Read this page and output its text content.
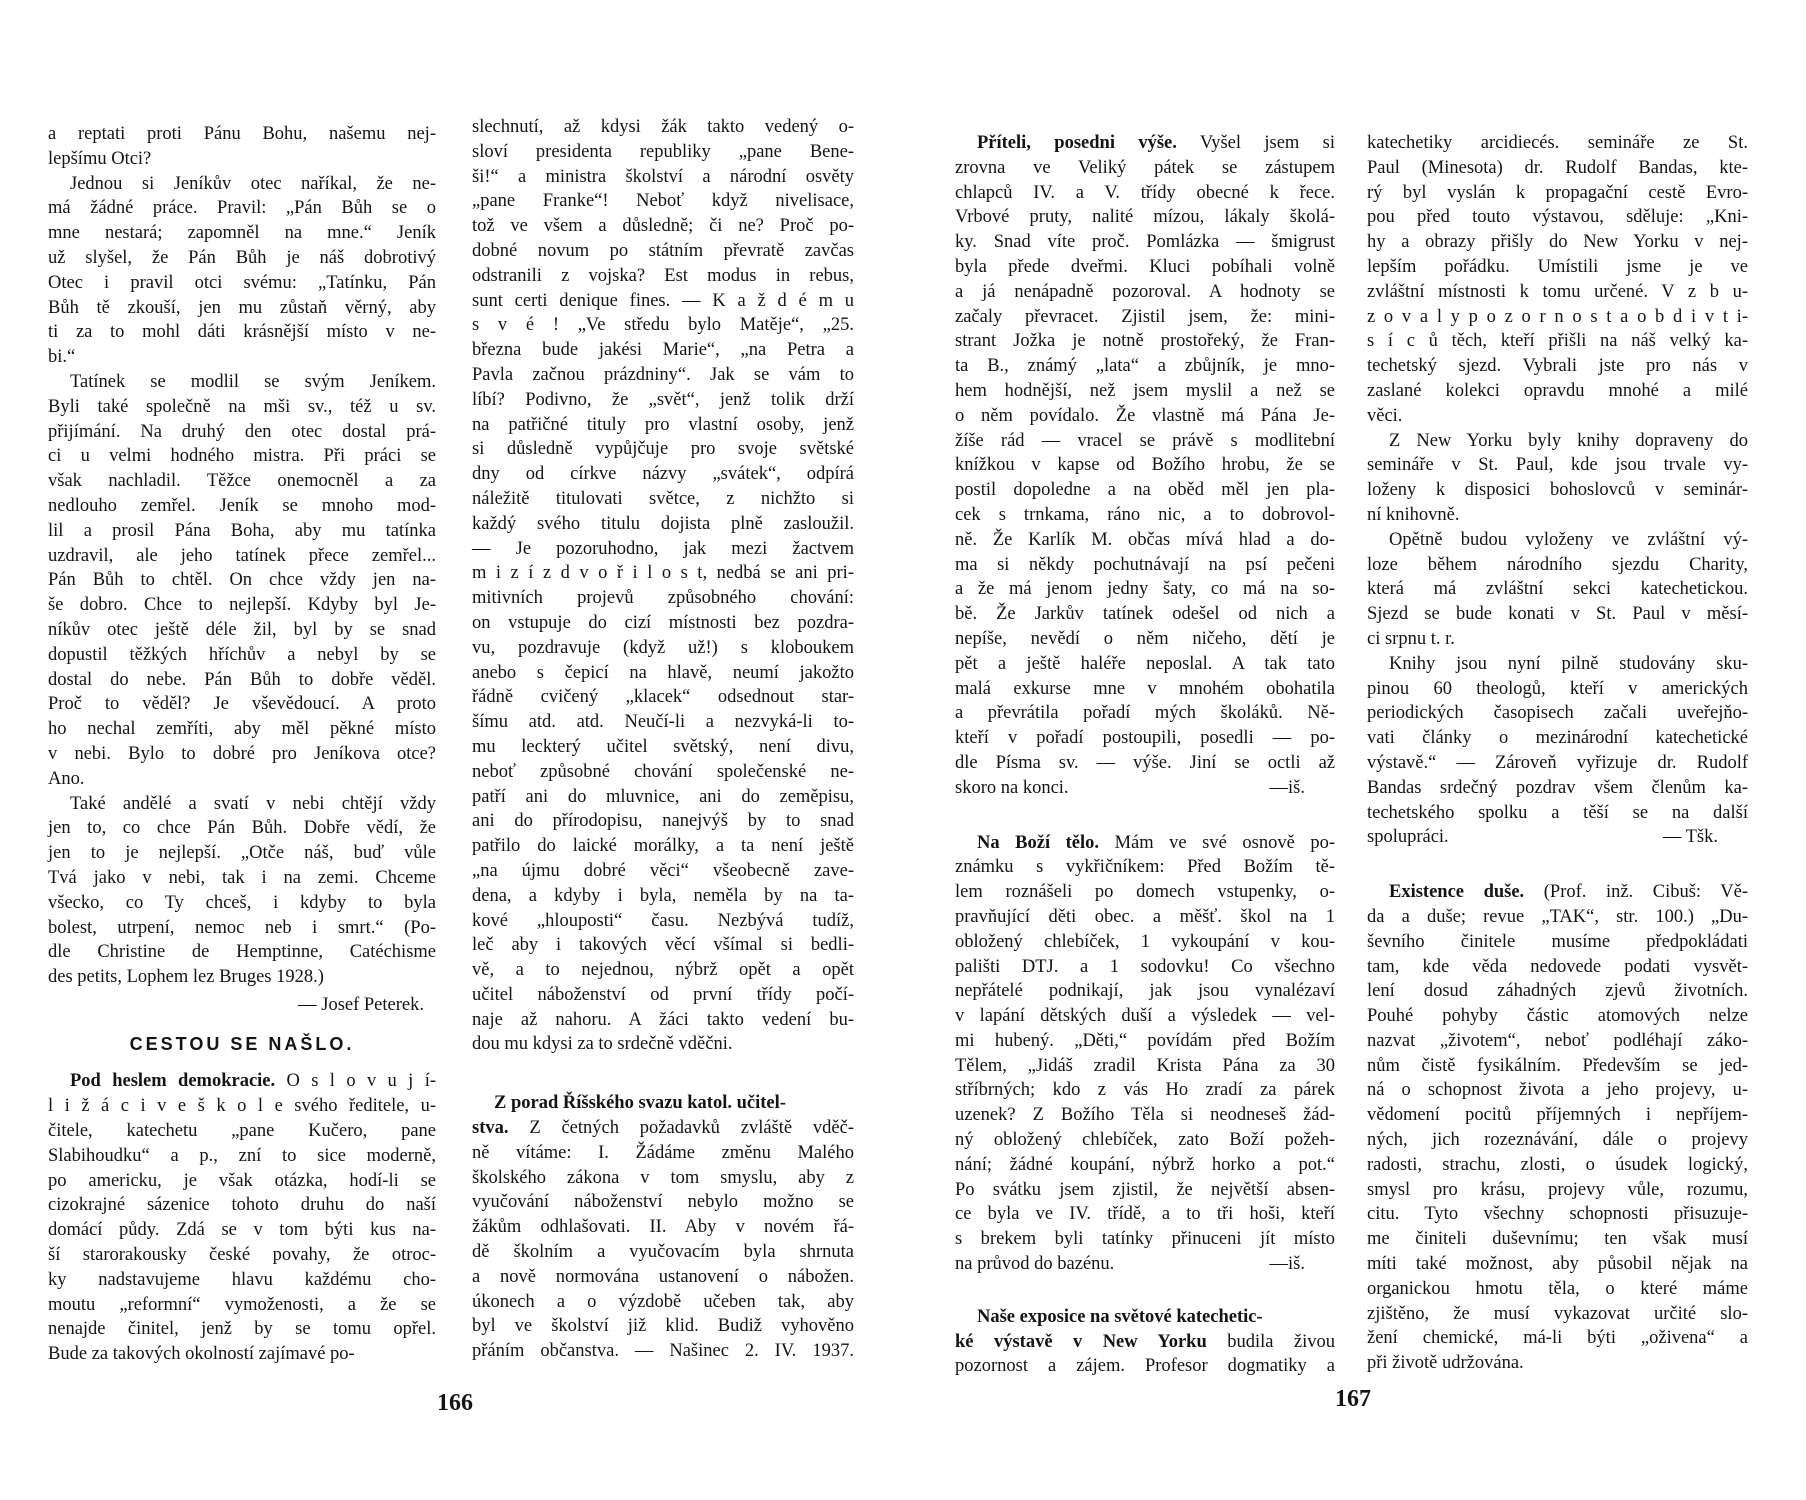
166
a reptati proti Pánu Bohu, našemu nej-
lepšímu Otci?
Jednou si Jeníkův otec naříkal, že ne-
má žádné práce. Pravil: „Pán Bůh se o
mne nestará; zapomněl na mne.“ Jeník
už slyšel, že Pán Bůh je náš dobrotivý
Otec i pravil otci svému: „Tatínku, Pán
Bůh tě zkouší, jen mu zůstaň věrný, aby
ti za to mohl dáti krásnější místo v ne-
bi.“
Tatínek se modlil se svým Jeníkem.
Byli také společně na mši sv., též u sv.
přijímání. Na druhý den otec dostal prá-
ci u velmi hodného mistra. Při práci se
však nachladil. Těžce onemocněl a za
nedlouho zemřel. Jeník se mnoho mod-
lil a prosil Pána Boha, aby mu tatínka
uzdravil, ale jeho tatínek přece zemřel...
Pán Bůh to chtěl. On chce vždy jen na-
še dobro. Chce to nejlepší. Kdyby byl Je-
níkův otec ještě déle žil, byl by se snad
dopustil těžkých hříchův a nebyl by se
dostal do nebe. Pán Bůh to dobře věděl.
Proč to věděl? Je vševědoucí. A proto
ho nechal zemříti, aby měl pěkné místo
v nebi. Bylo to dobré pro Jeníkova otce?
Ano.
Také andělé a svatí v nebi chtějí vždy
jen to, co chce Pán Bůh. Dobře vědí, že
jen to je nejlepší. „Otče náš, buď vůle
Tvá jako v nebi, tak i na zemi. Chceme
všecko, co Ty chceš, i kdyby to byla
bolest, utrpení, nemoc neb i smrt.“ (Po-
dle Christine de Hemptinne, Catéchisme
des petits, Lophem lez Bruges 1928.)
— Josef Peterek.
CESTOU SE NAŠLO.
Pod heslem demokracie. O s l o v u j í-
l i ž á c i v e š k o l e svého ředitele, u-
čitele, katechetu „pane Kučero, pane
Slabihoudku“ a p., zní to sice moderně,
po americku, je však otázka, hodí-li se
cizokrajné sázenice tohoto druhu do naší
domácí půdy. Zdá se v tom býti kus na-
ší starorakousky české povahy, že otroc-
ky nadstavujeme hlavu každému cho-
moutu „reformní“ vymoženosti, a že se
nenajde činitel, jenž by se tomu opřel.
Bude za takových okolností zajímavé po-
slechnutí, až kdysi žák takto vedený o-
sloví presidenta republiky „pane Bene-
ši!“ a ministra školství a národní osvěty
„pane Franke“! Neboť když nivelisace,
tož ve všem a důsledně; či ne? Proč po-
dobné novum po státním převratě zavčas
odstranili z vojska? Est modus in rebus,
sunt certi denique fines. — K a ž d é m u
s v é ! „Ve středu bylo Matěje“, „25.
března bude jakési Marie“, „na Petra a
Pavla začnou prázdniny“. Jak se vám to
líbí? Podivno, že „svět“, jenž tolik drží
na patřičné tituly pro vlastní osoby, jenž
si důsledně vypůjčuje pro svoje světské
dny od církve názvy „svátek“, odpírá
náležitě titulovati světce, z nichžto si
každý svého titulu dojista plně zasloužil.
— Je pozoruhodno, jak mezi žactvem
m i z í z d v o ř i l o s t, nedbá se ani pri-
mitivních projevů způsobného chování:
on vstupuje do cizí místnosti bez pozdra-
vu, pozdravuje (když už!) s kloboukem
anebo s čepicí na hlavě, neumí jakožto
řádně cvičený „klacek“ odsednout star-
šímu atd. atd. Neučí-li a nezvyká-li to-
mu leckterý učitel světský, není divu,
neboť způsobné chování společenské ne-
patří ani do mluvnice, ani do zeměpisu,
ani do přírodopisu, nanejvýš by to snad
patřilo do laické morálky, a ta není ještě
„na újmu dobré věci“ všeobecně zave-
dena, a kdyby i byla, neměla by na ta-
kové „hlouposti“ času. Nezbývá tudíž,
leč aby i takových věcí všímal si bedli-
vě, a to nejednou, nýbrž opět a opět
učitel náboženství od první třídy počí-
naje až nahoru. A žáci takto vedení bu-
dou mu kdysi za to srdečně vděčni.
Z porad Říšského svazu katol. učitel-
stva. Z četných požadavků zvláště vděč-
ně vítáme: I. Žádáme změnu Malého
školského zákona v tom smyslu, aby z
vyučování náboženství nebylo možno se
žákům odhlašovati. II. Aby v novém řá-
dě školním a vyučovacím byla shrnuta
a nově normována ustanovení o nábožen.
úkonech a o výzdobě učeben tak, aby
byl ve školství již klid. Budiž vyhověno
přáním občanstva. — Našinec 2. IV. 1937.
167
Příteli, posedni výše. Vyšel jsem si
zrovna ve Veliký pátek se zástupem
chlapců IV. a V. třídy obecné k řece.
Vrbové pruty, nalité mízou, lákaly školá-
ky. Snad víte proč. Pomlázka — šmigrust
byla přede dveřmi. Kluci pobíhali volně
a já nenápadně pozoroval. A hodnoty se
začaly převracet. Zjistil jsem, že: mini-
strant Jožka je notně prostořeký, že Fran-
ta B., známý „lata“ a zbůjník, je mno-
hem hodnější, než jsem myslil a než se
o něm povídalo. Že vlastně má Pána Je-
žíše rád — vracel se právě s modlitební
knížkou v kapse od Božího hrobu, že se
postil dopoledne a na oběd měl jen pla-
cek s trnkama, ráno nic, a to dobrovol-
ně. Že Karlík M. občas mívá hlad a do-
ma si někdy pochutnávají na psí pečeni
a že má jenom jedny šaty, co má na so-
bě. Že Jarkův tatínek odešel od nich a
nepíše, nevědí o něm ničeho, dětí je
pět a ještě haléře neposlal. A tak tato
malá exkurse mne v mnohém obohatila
a převrátila pořadí mých školáků. Ně-
kteří v pořadí postoupili, posedli — po-
dle Písma sv. — výše. Jiní se octli až
skoro na konci.	—iš.
Na Boží tělo. Mám ve své osnově po-
známku s vykřičníkem: Před Božím tě-
lem roznášeli po domech vstupenky, o-
pravňující děti obec. a měšť. škol na 1
obložený chlebíček, 1 vykoupání v kou-
pališti DTJ. a 1 sodovku! Co všechno
nepřátelé podnikají, jak jsou vynalézaví
v lapání dětských duší a výsledek — vel-
mi hubený. „Děti,“ povídám před Božím
Tělem, „Jidáš zradil Krista Pána za 30
stříbrných; kdo z vás Ho zradí za párek
uzenek? Z Božího Těla si neodneseš žád-
ný obložený chlebíček, zato Boží požeh-
nání; žádné koupání, nýbrž horko a pot.“
Po svátku jsem zjistil, že největší absen-
ce byla ve IV. třídě, a to tři hoši, kteří
s brekem byli tatínky přinuceni jít místo
na průvod do bazénu.	—iš.
Naše exposice na světové katechetic-
ké výstavě v New Yorku budila živou
pozornost a zájem. Profesor dogmatiky a
katechetiky arcidiecés. semináře ze St.
Paul (Minesota) dr. Rudolf Bandas, kte-
rý byl vyslán k propagační cestě Evro-
pou před touto výstavou, sděluje: „Kni-
hy a obrazy přišly do New Yorku v nej-
lepším pořádku. Umístili jsme je ve
zvláštní místnosti k tomu určené. V z b u-
z o v a l y p o z o r n o s t a o b d i v t i-
s í c ů těch, kteří přišli na náš velký ka-
techetský sjezd. Vybrali jste pro nás v
zaslané kolekci opravdu mnohé a milé
věci.
Z New Yorku byly knihy dopraveny do
semináře v St. Paul, kde jsou trvale vy-
loženy k disposici bohoslovců v seminár-
ní knihovně.
Opětně budou vyloženy ve zvláštní vý-
loze během národního sjezdu Charity,
která má zvláštní sekci katechetickou.
Sjezd se bude konati v St. Paul v měsí-
ci srpnu t. r.
Knihy jsou nyní pilně studovány sku-
pinou 60 theologů, kteří v amerických
periodických časopisech začali uveřejňo-
vati články o mezinárodní katechetické
výstavě.“ — Zároveň vyřizuje dr. Rudolf
Bandas srdečný pozdrav všem členům ka-
techetského spolku a těší se na další
spolupráci.	— Tšk.
Existence duše. (Prof. inž. Cibuš: Vě-
da a duše; revue „TAK“, str. 100.) „Du-
ševního činitele musíme předpokládati
tam, kde věda nedovede podati vysvět-
lení dosud záhadných zjevů životních.
Pouhé pohyby částic atomových nelze
nazvat „životem“, neboť podléhají záko-
nům čistě fysikálním. Především se jed-
ná o schopnost života a jeho projevy, u-
vědomení pocitů příjemných i nepříjem-
ných, jich rozeznávání, dále o projevy
radosti, strachu, zlosti, o úsudek logický,
smysl pro krásu, projevy vůle, rozumu,
citu. Tyto všechny schopnosti přisuzuje-
me činiteli duševnímu; ten však musí
míti také možnost, aby působil nějak na
organickou hmotu těla, o které máme
zjištěno, že musí vykazovat určité slo-
žení chemické, má-li býti „oživena“ a
při životě udržována.
